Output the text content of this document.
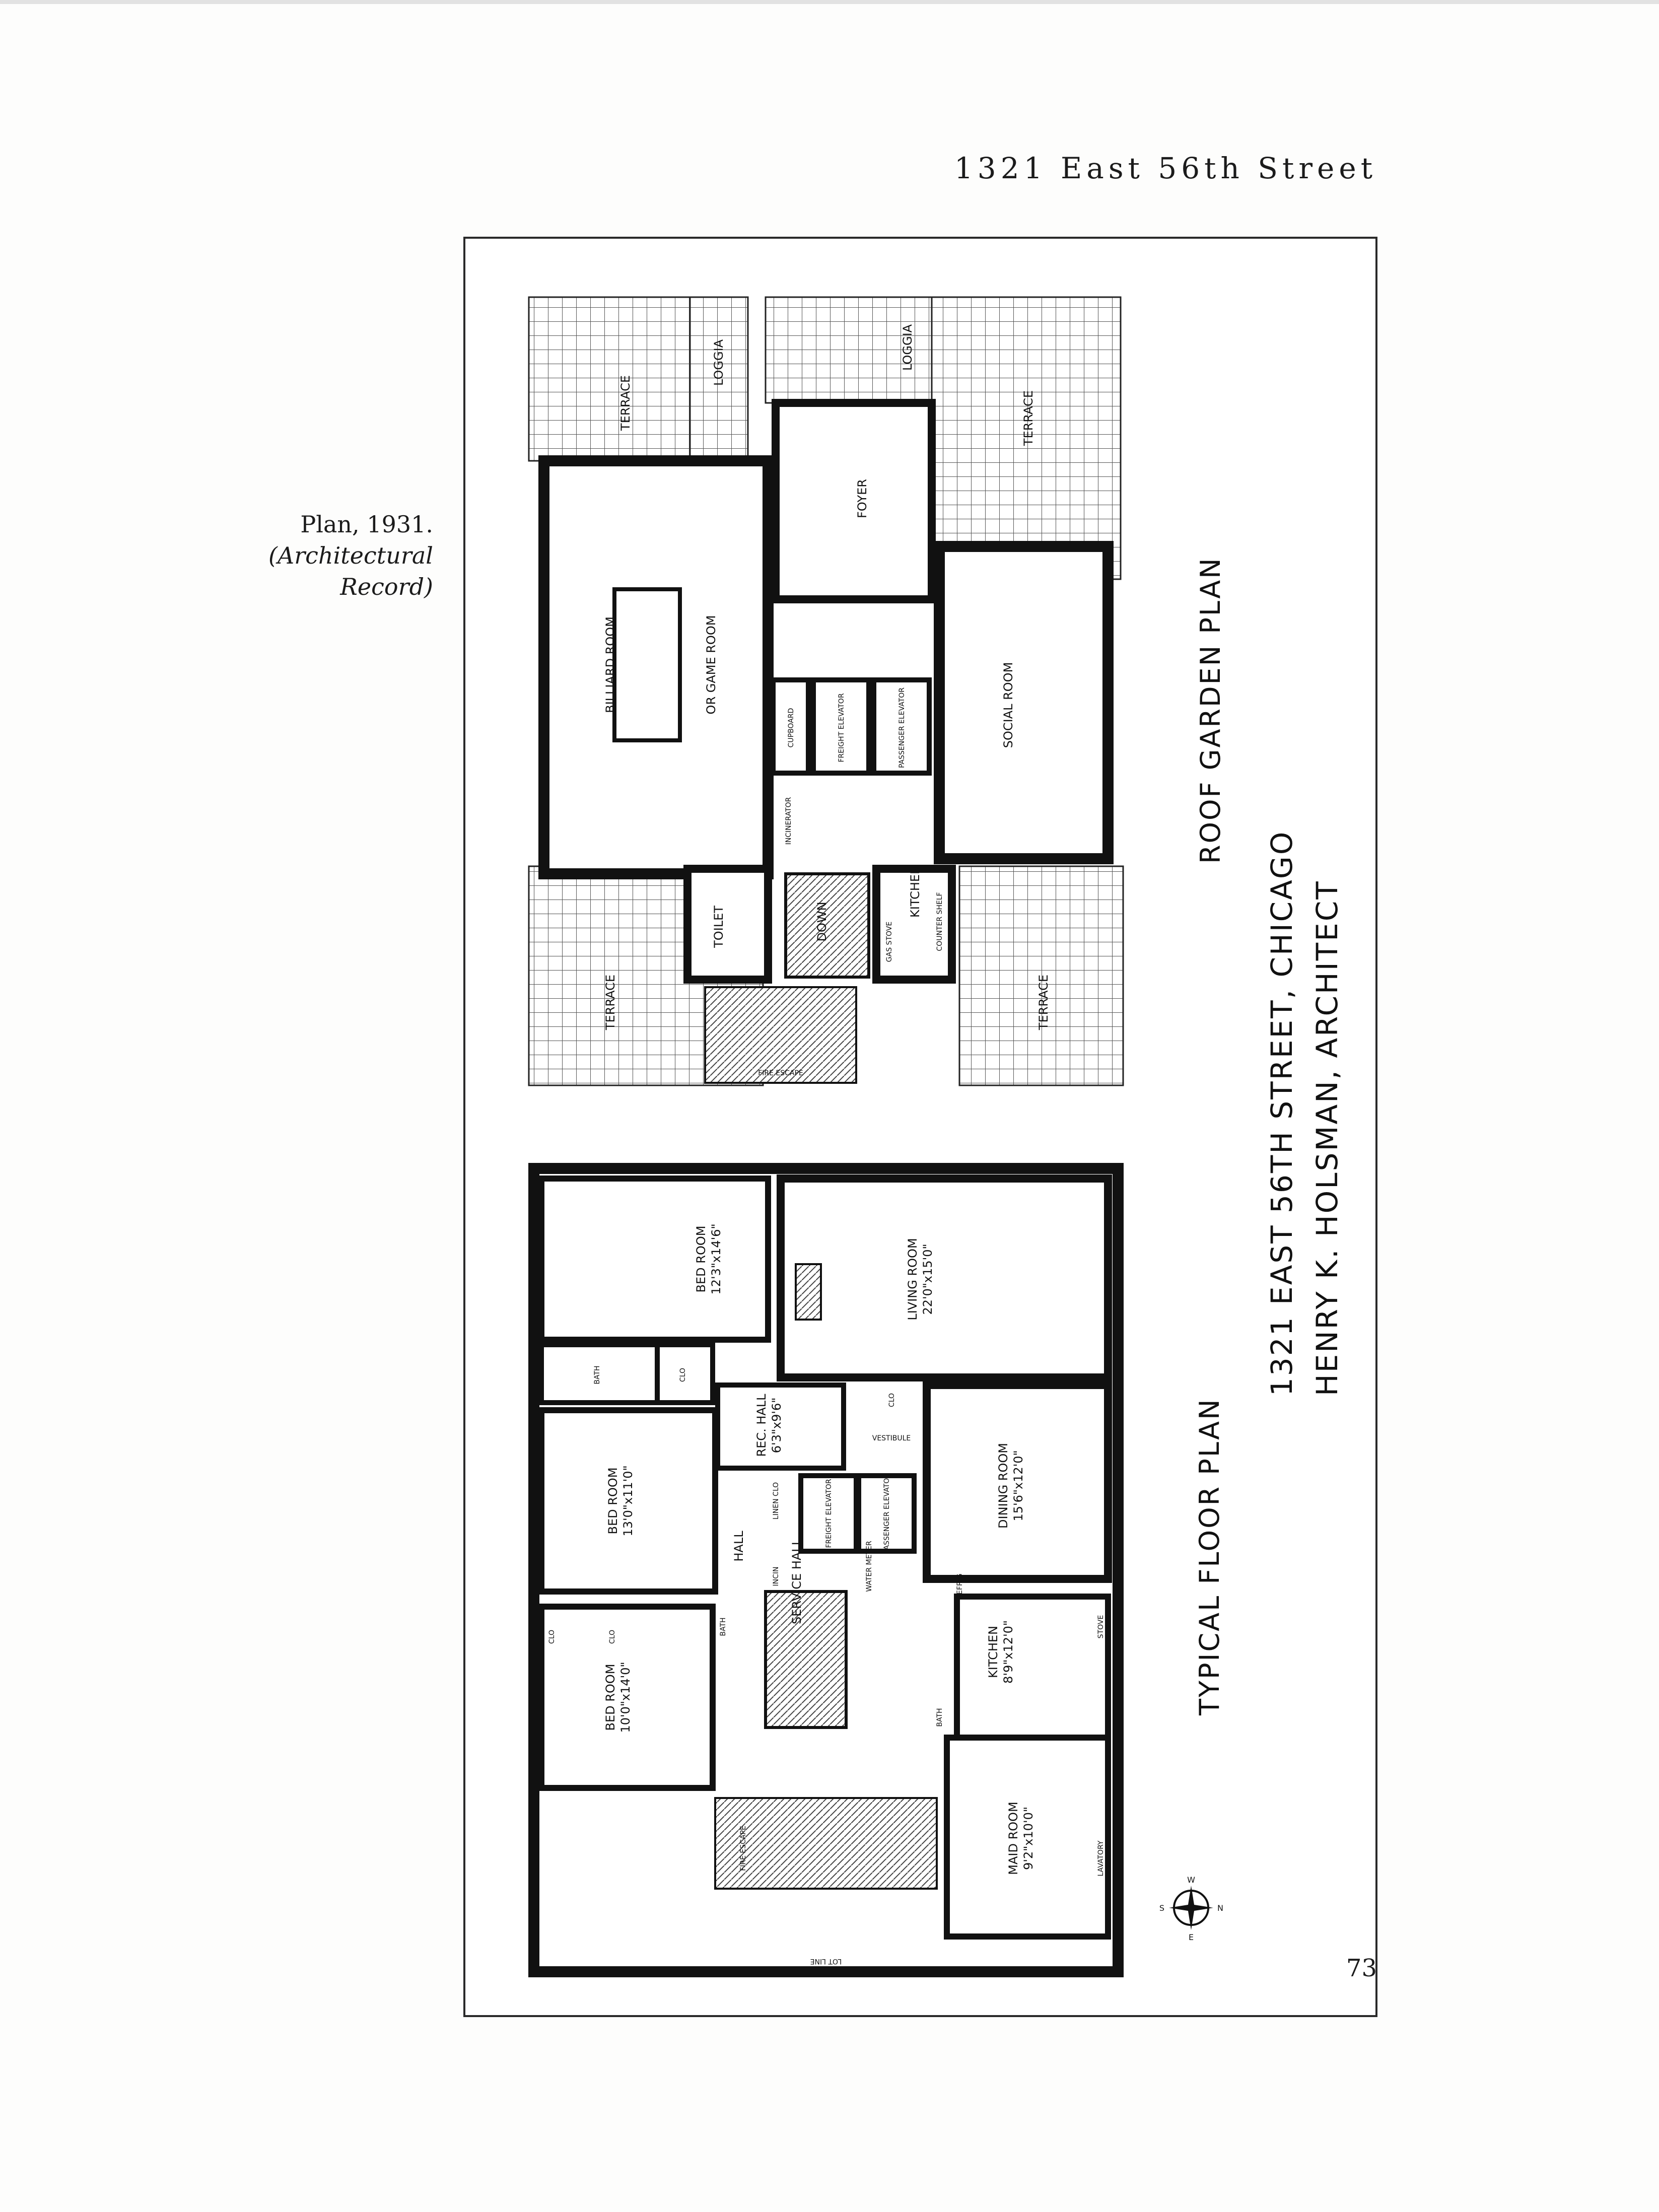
1321 East 56th Street
Plan, 1931.
(Architectural Record)
TERRACE
LOGGIA	LOGGIA
TERRACE
BILLIARD ROOM	OR GAME ROOM
FOYER
SOCIAL ROOM
TOILET	DOWN
KITCHEN
TERRACE	TERRACE
CUPBOARD	FREIGHT ELEVATOR	PASSENGER ELEVATOR
INCINERATOR
GAS STOVE	COUNTER SHELF
FIRE ESCAPE
BED ROOM 12'3"x14'6"	LIVING ROOM 22'0"x15'0"
REC. HALL 6'3"x9'6"
DINING ROOM 15'6"x12'0"
BED ROOM 13'0"x11'0"
HALL	SERVICE HALL
BED ROOM 10'0"x14'0"
KITCHEN 8'9"x12'0"
MAID ROOM 9'2"x10'0"
BATH	CLO
CLO
VESTIBULE
LINEN CLO	FREIGHT ELEVATOR	PASSENGER ELEVATOR
INCIN	WATER METER	REFRIG
CLO	CLO
BATH
BATH
STOVE
LAVATORY
FIRE ESCAPE
LOT LINE
W
S	N
E
ROOF GARDEN PLAN
TYPICAL FLOOR PLAN
1321 EAST 56TH STREET, CHICAGO HENRY K. HOLSMAN, ARCHITECT
73
